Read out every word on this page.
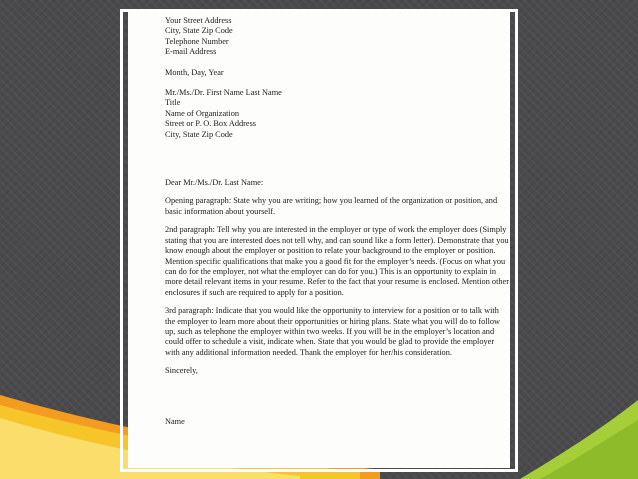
Your Street Address

City, State Zip Code

Telephone Number

E-mail Address

Month, Day, Year

Mr./Ms./Dr. First Name Last Name

Title

Name of Organization

Street or P. O. Box Address

City, State Zip Code

Dear Mr./Ms./Dr. Last Name:

Opening paragraph: State why you are writing; how you learned of the organization or position, and basic information about yourself.

2nd paragraph: Tell why you are interested in the employer or type of work the employer does (Simply stating that you are interested does not tell why, and can sound like a form letter). Demonstrate that you know enough about the employer or position to relate your background to the employer or position. Mention specific qualifications that make you a good fit for the employer’s needs. (Focus on what you can do for the employer, not what the employer can do for you.) This is an opportunity to explain in more detail relevant items in your resume. Refer to the fact that your resume is enclosed. Mention other enclosures if such are required to apply for a position.

3rd paragraph: Indicate that you would like the opportunity to interview for a position or to talk with the employer to learn more about their opportunities or hiring plans. State what you will do to follow up, such as telephone the employer within two weeks. If you will be in the employer’s location and could offer to schedule a visit, indicate when. State that you would be glad to provide the employer with any additional information needed. Thank the employer for her/his consideration.

Sincerely,

Name
